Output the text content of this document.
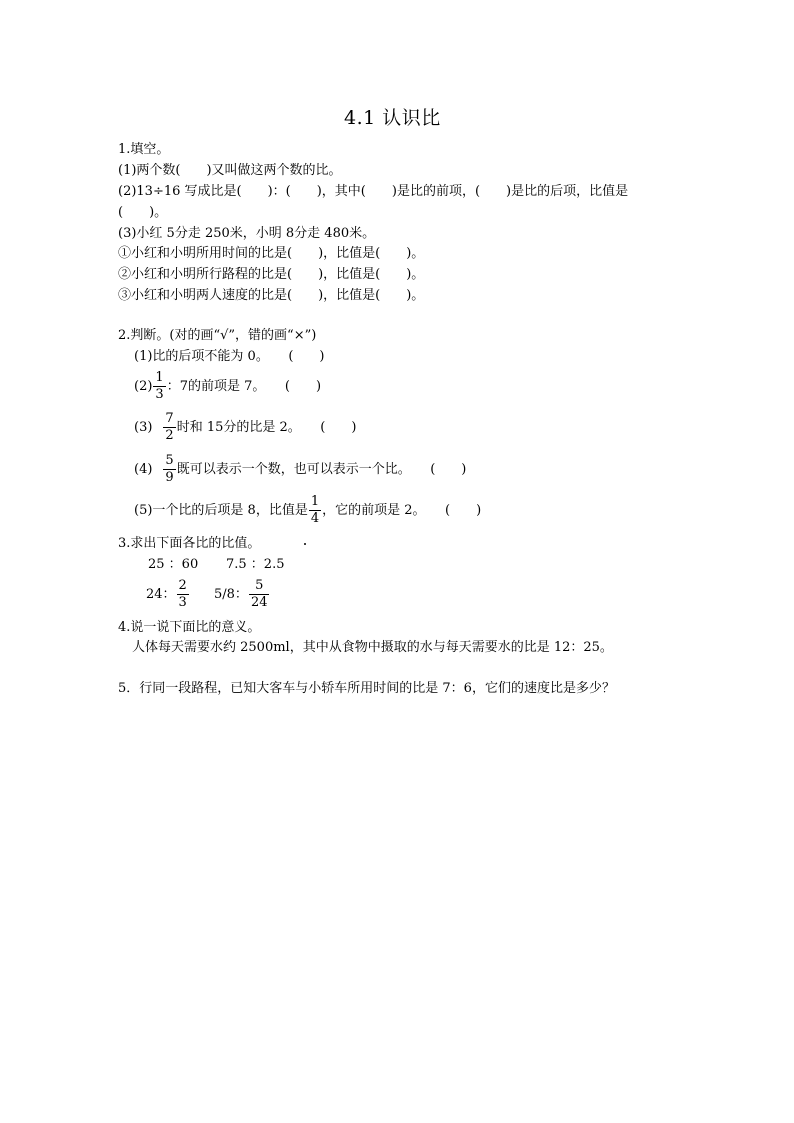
4.1 认识比
1.填空。
(1)两个数(　　)又叫做这两个数的比。
(2)13÷16 写成比是(　　)：(　　)，其中(　　)是比的前项，(　　)是比的后项，比值是
(　　)。
(3)小红 5分走 250米，小明 8分走 480米。
①小红和小明所用时间的比是(　　)，比值是(　　)。
②小红和小明所行路程的比是(　　)，比值是(　　)。
③小红和小明两人速度的比是(　　)，比值是(　　)。
2.判断。(对的画“√”，错的画“×”)
(1)比的后项不能为 0。　　(　　)
$(2) \frac{1}{3}$ ：7的前项是 7。　　(　　)
$(3) \frac{7}{2}$ 时和 15分的比是 2。　　(　　)
$(4) \frac{5}{9}$ 既可以表示一个数，也可以表示一个比。　　(　　)
(5)一个比的后项是 8，比值是 $\frac{1}{4}$ ，它的前项是 2。　　(　　)
3.求出下面各比的比值。
25 ：60 7.5 ：2.5
24： $\frac{2}{3} 5/8$： $\frac{5}{24}$
4.说一说下面比的意义。
人体每天需要水约 2500ml，其中从食物中摄取的水与每天需要水的比是 12：25。
5．行同一段路程，已知大客车与小轿车所用时间的比是 7：6，它们的速度比是多少？
